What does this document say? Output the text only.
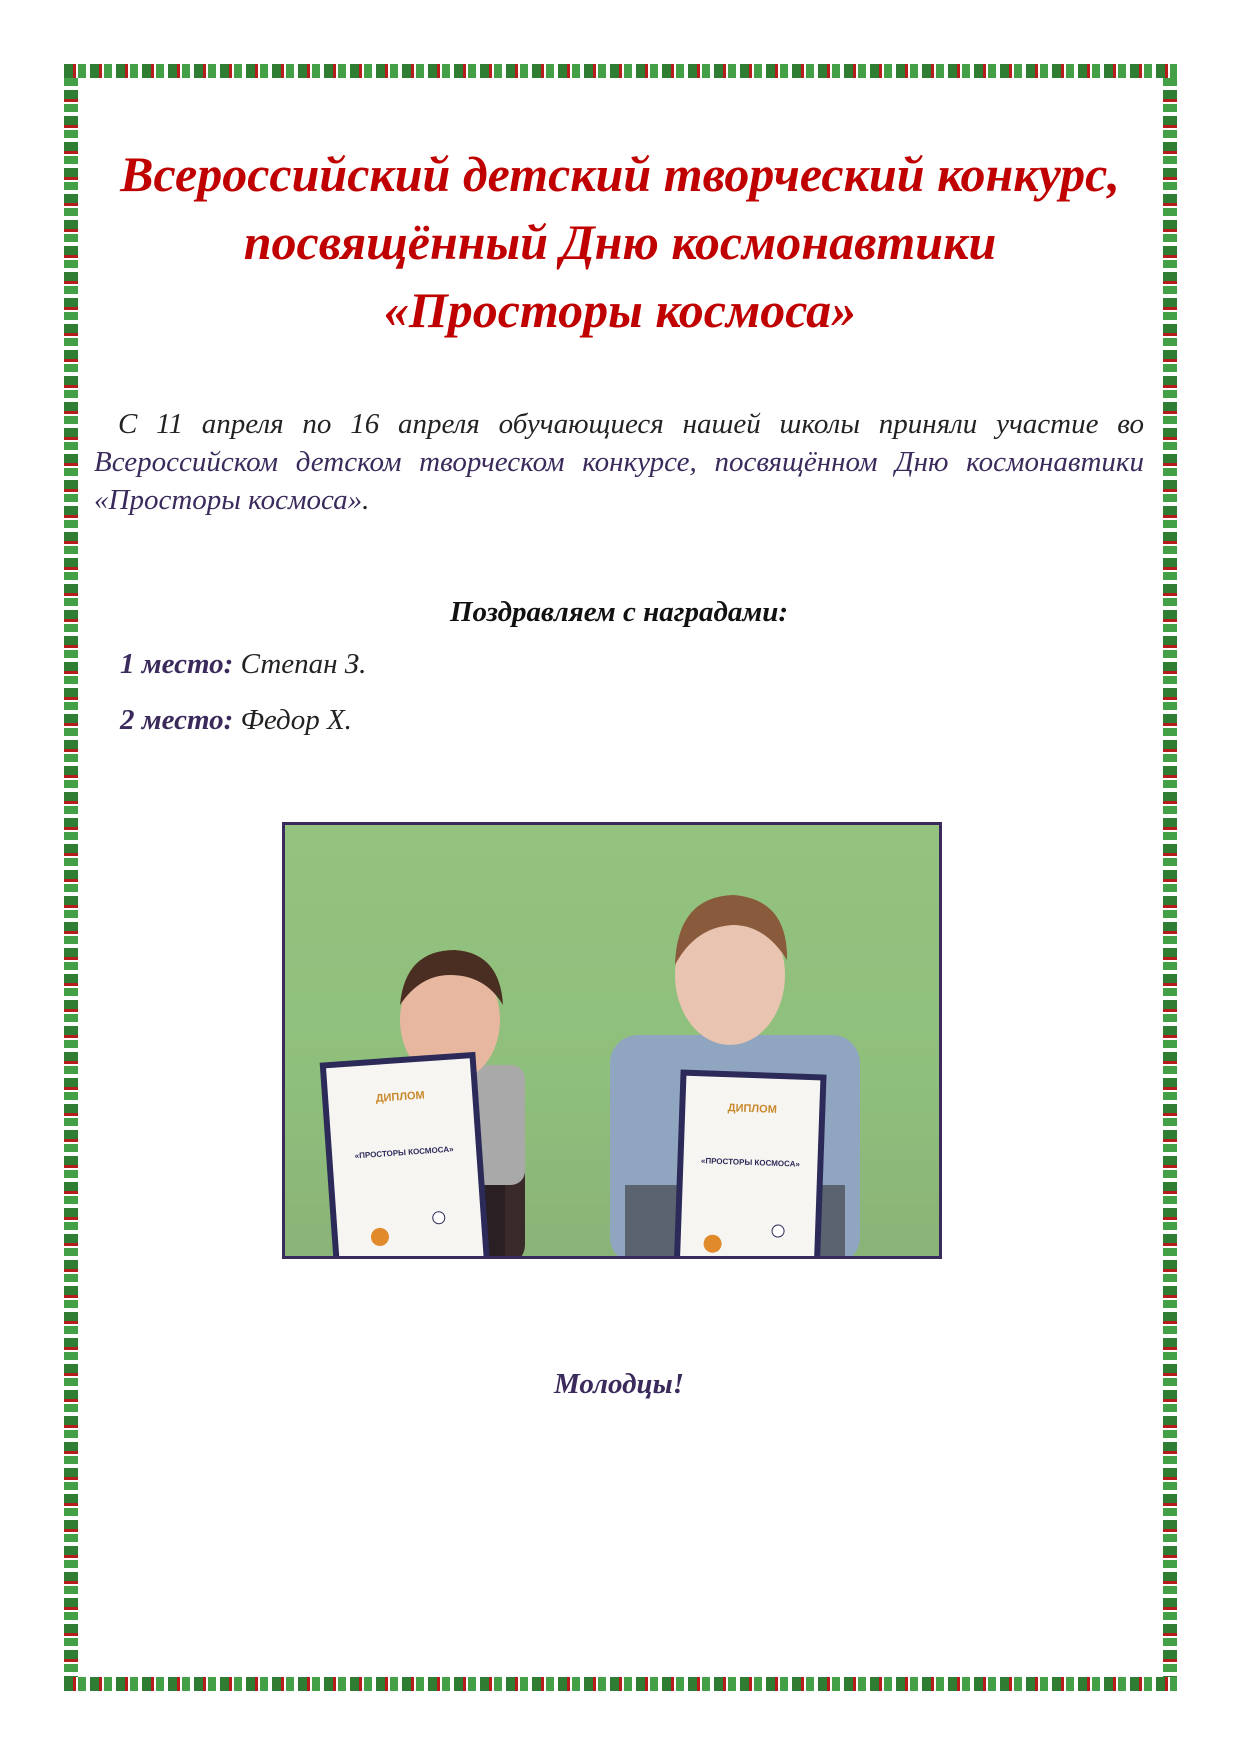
Всероссийский детский творческий конкурс, посвящённый Дню космонавтики «Просторы космоса»

С 11 апреля по 16 апреля обучающиеся нашей школы приняли участие во Всероссийском детском творческом конкурсе, посвящённом Дню космонавтики «Просторы космоса».

Поздравляем с наградами:
1 место: Степан З.
2 место: Федор Х.
ДИПЛОМ
«ПРОСТОРЫ КОСМОСА»
ДИПЛОМ
«ПРОСТОРЫ КОСМОСА»
Молодцы!
